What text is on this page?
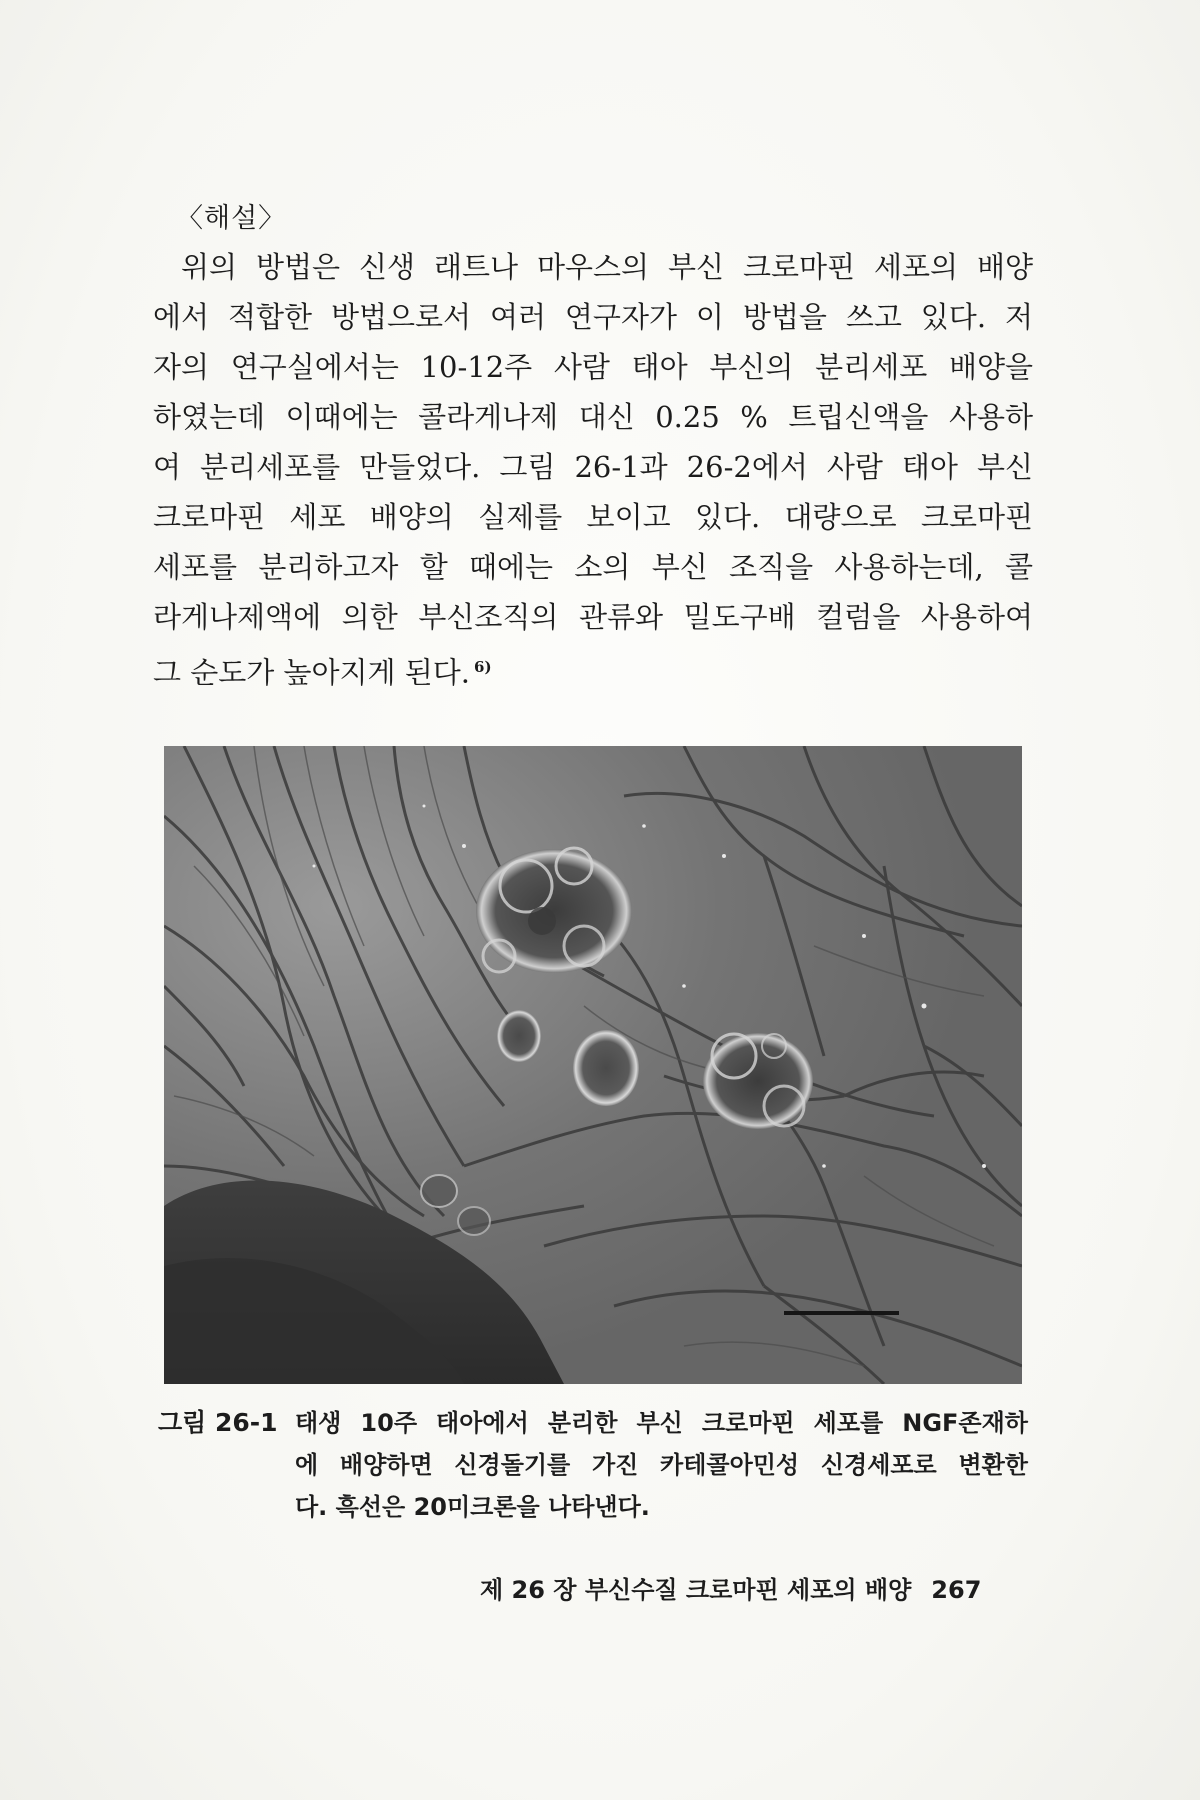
〈해설〉
위의 방법은 신생 래트나 마우스의 부신 크로마핀 세포의 배양
에서 적합한 방법으로서 여러 연구자가 이 방법을 쓰고 있다. 저
자의 연구실에서는 10-12주 사람 태아 부신의 분리세포 배양을
하였는데 이때에는 콜라게나제 대신 0.25 % 트립신액을 사용하
여 분리세포를 만들었다. 그림 26-1과 26-2에서 사람 태아 부신
크로마핀 세포 배양의 실제를 보이고 있다. 대량으로 크로마핀
세포를 분리하고자 할 때에는 소의 부신 조직을 사용하는데, 콜
라게나제액에 의한 부신조직의 관류와 밀도구배 컬럼을 사용하여
그 순도가 높아지게 된다. $^{6)}$
그림 26-1 태생 10주 태아에서 분리한 부신 크로마핀 세포를 NGF존재하
에 배양하면 신경돌기를 가진 카테콜아민성 신경세포로 변환한
다. 흑선은 20미크론을 나타낸다.
제 26 장 부신수질 크로마핀 세포의 배양 267
